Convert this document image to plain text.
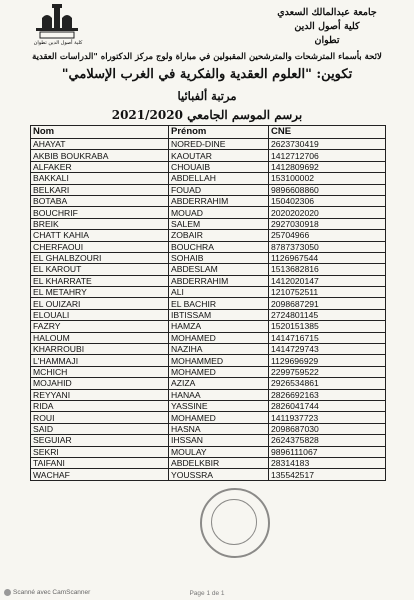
كلية أصول الدين تطوان
جامعة عبدالمالك السعدي
كلية أصول الدين
تطوان
لائحة بأسماء المترشحات والمترشحين المقبولين في مباراة ولوج مركز الدكتوراه "الدراسات العقدية
تكوين: "العلوم العقدية والفكرية في الغرب الإسلامي"
مرتبة ألفبائيا
برسم الموسم الجامعي 2021/2020
Nom	Prénom	CNE
AHAYAT	NORED-DINE	2623730419
AKBIB BOUKRABA	KAOUTAR	1412712706
ALFAKER	CHOUAIB	1412809692
BAKKALI	ABDELLAH	153100002
BELKARI	FOUAD	9896608860
BOTABA	ABDERRAHIM	150402306
BOUCHRIF	MOUAD	2020202020
BREIK	SALEM	2927030918
CHATT KAHIA	ZOBAIR	25704966
CHERFAOUI	BOUCHRA	8787373050
EL GHALBZOURI	SOHAIB	1126967544
EL KAROUT	ABDESLAM	1513682816
EL KHARRATE	ABDERRAHIM	1412020147
EL METAHRY	ALI	1210752511
EL OUIZARI	EL BACHIR	2098687291
ELOUALI	IBTISSAM	2724801145
FAZRY	HAMZA	1520151385
HALOUM	MOHAMED	1414716715
KHARROUBI	NAZIHA	1414729743
L'HAMMAJI	MOHAMMED	1129696929
MCHICH	MOHAMED	2299759522
MOJAHID	AZIZA	2926534861
REYYANI	HANAA	2826692163
RIDA	YASSINE	2826041744
ROUI	MOHAMED	1411937723
SAID	HASNA	2098687030
SEGUIAR	IHSSAN	2624375828
SEKRI	MOULAY	9896111067
TAIFANI	ABDELKBIR	28314183
WACHAF	YOUSSRA	135542517
Scanné avec CamScanner	Page 1 de 1
